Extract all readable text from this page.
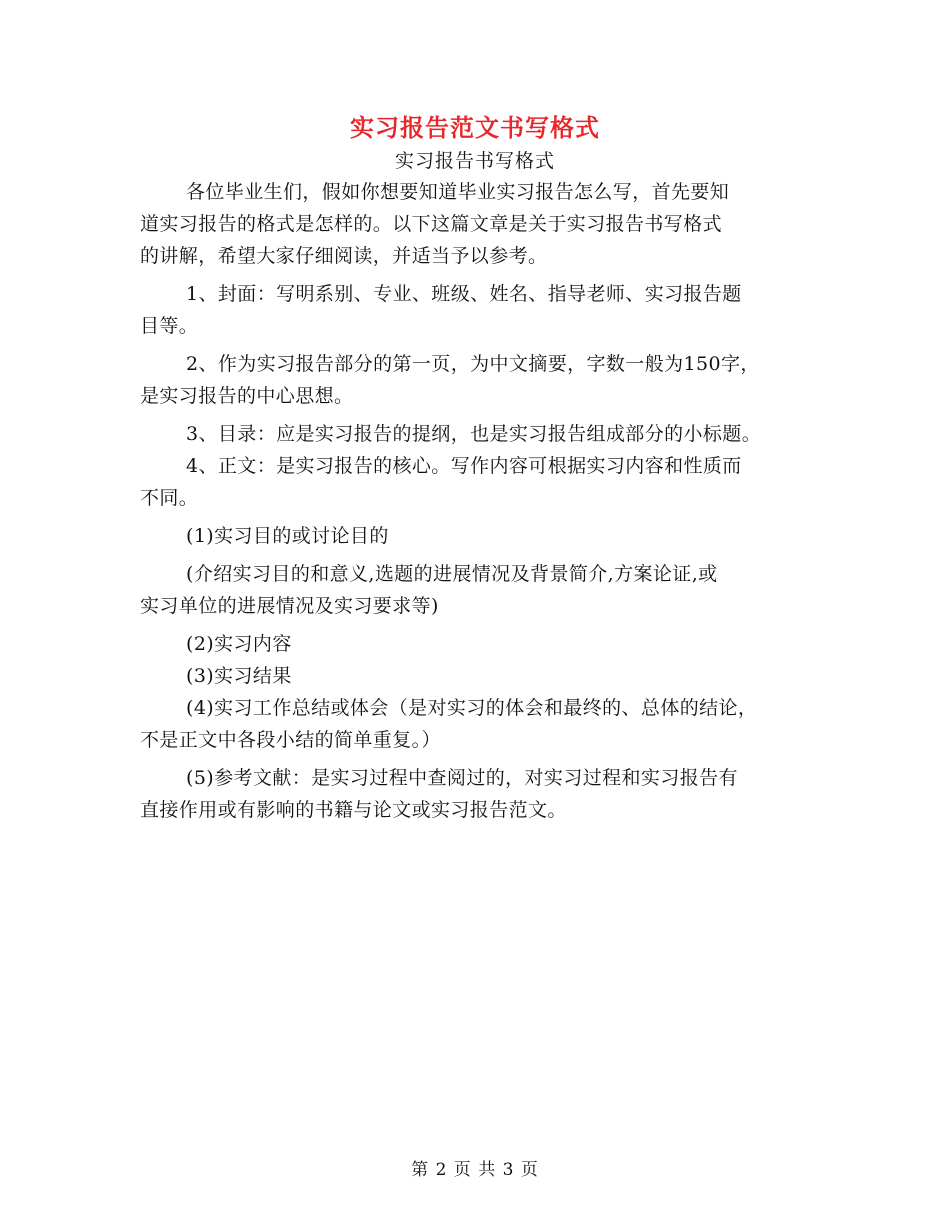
实习报告范文书写格式
实习报告书写格式
各位毕业生们，假如你想要知道毕业实习报告怎么写，首先要知
道实习报告的格式是怎样的。以下这篇文章是关于实习报告书写格式
的讲解，希望大家仔细阅读，并适当予以参考。
1、封面：写明系别、专业、班级、姓名、指导老师、实习报告题
目等。
2、作为实习报告部分的第一页，为中文摘要，字数一般为150字，
是实习报告的中心思想。
3、目录：应是实习报告的提纲，也是实习报告组成部分的小标题。
4、正文：是实习报告的核心。写作内容可根据实习内容和性质而
不同。
(1)实习目的或讨论目的
(介绍实习目的和意义,选题的进展情况及背景简介,方案论证,或
实习单位的进展情况及实习要求等)
(2)实习内容
(3)实习结果
(4)实习工作总结或体会（是对实习的体会和最终的、总体的结论，
不是正文中各段小结的简单重复。）
(5)参考文献：是实习过程中查阅过的，对实习过程和实习报告有
直接作用或有影响的书籍与论文或实习报告范文。
第 2 页 共 3 页
